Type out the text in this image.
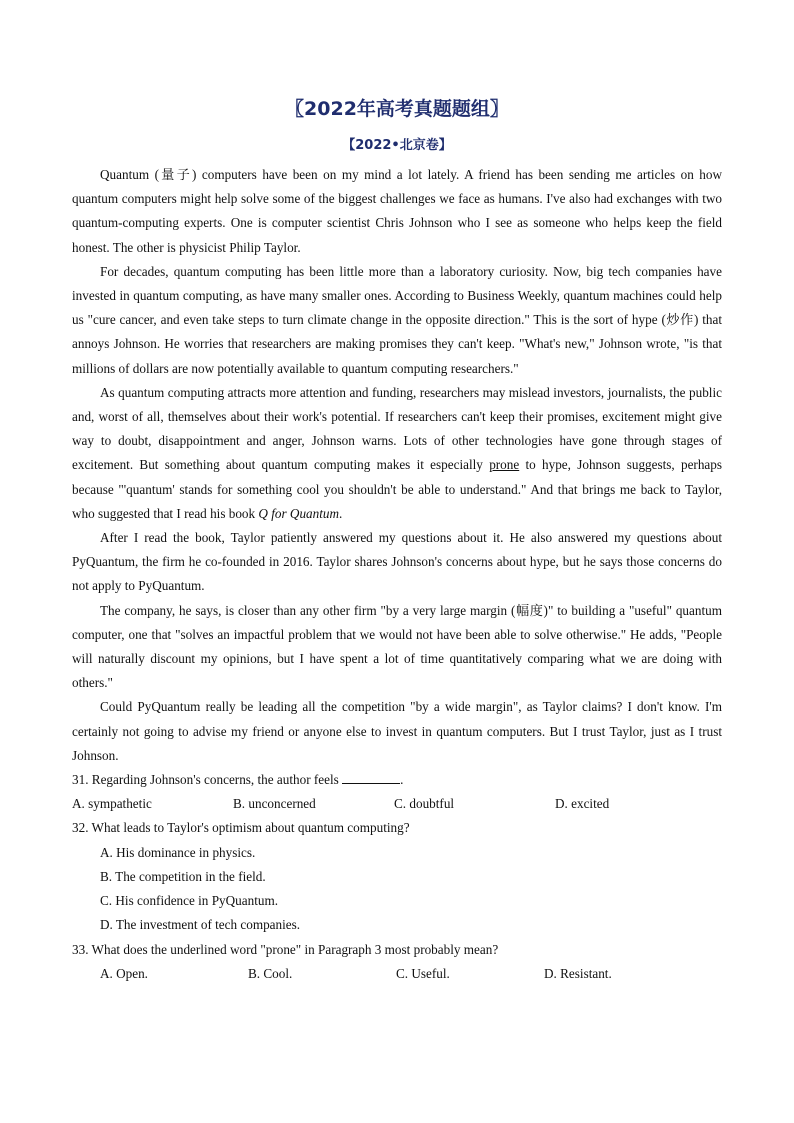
〖2022年高考真题题组〗
【2022•北京卷】

Quantum (量子) computers have been on my mind a lot lately. A friend has been sending me articles on how quantum computers might help solve some of the biggest challenges we face as humans. I've also had exchanges with two quantum-computing experts. One is computer scientist Chris Johnson who I see as someone who helps keep the field honest. The other is physicist Philip Taylor.

For decades, quantum computing has been little more than a laboratory curiosity. Now, big tech companies have invested in quantum computing, as have many smaller ones. According to Business Weekly, quantum machines could help us "cure cancer, and even take steps to turn climate change in the opposite direction." This is the sort of hype (炒作) that annoys Johnson. He worries that researchers are making promises they can't keep. "What's new," Johnson wrote, "is that millions of dollars are now potentially available to quantum computing researchers."

As quantum computing attracts more attention and funding, researchers may mislead investors, journalists, the public and, worst of all, themselves about their work's potential. If researchers can't keep their promises, excitement might give way to doubt, disappointment and anger, Johnson warns. Lots of other technologies have gone through stages of excitement. But something about quantum computing makes it especially prone to hype, Johnson suggests, perhaps because "'quantum' stands for something cool you shouldn't be able to understand." And that brings me back to Taylor, who suggested that I read his book Q for Quantum.

After I read the book, Taylor patiently answered my questions about it. He also answered my questions about PyQuantum, the firm he co-founded in 2016. Taylor shares Johnson's concerns about hype, but he says those concerns do not apply to PyQuantum.

The company, he says, is closer than any other firm "by a very large margin (幅度)" to building a "useful" quantum computer, one that "solves an impactful problem that we would not have been able to solve otherwise." He adds, "People will naturally discount my opinions, but I have spent a lot of time quantitatively comparing what we are doing with others."

Could PyQuantum really be leading all the competition "by a wide margin", as Taylor claims? I don't know. I'm certainly not going to advise my friend or anyone else to invest in quantum computers. But I trust Taylor, just as I trust Johnson.

31. Regarding Johnson's concerns, the author feels	.

A. sympathetic	B. unconcerned	C. doubtful	D. excited

32. What leads to Taylor's optimism about quantum computing?

A. His dominance in physics.

B. The competition in the field.

C. His confidence in PyQuantum.

D. The investment of tech companies.

33. What does the underlined word "prone" in Paragraph 3 most probably mean?

A. Open.	B. Cool.	C. Useful.	D. Resistant.
